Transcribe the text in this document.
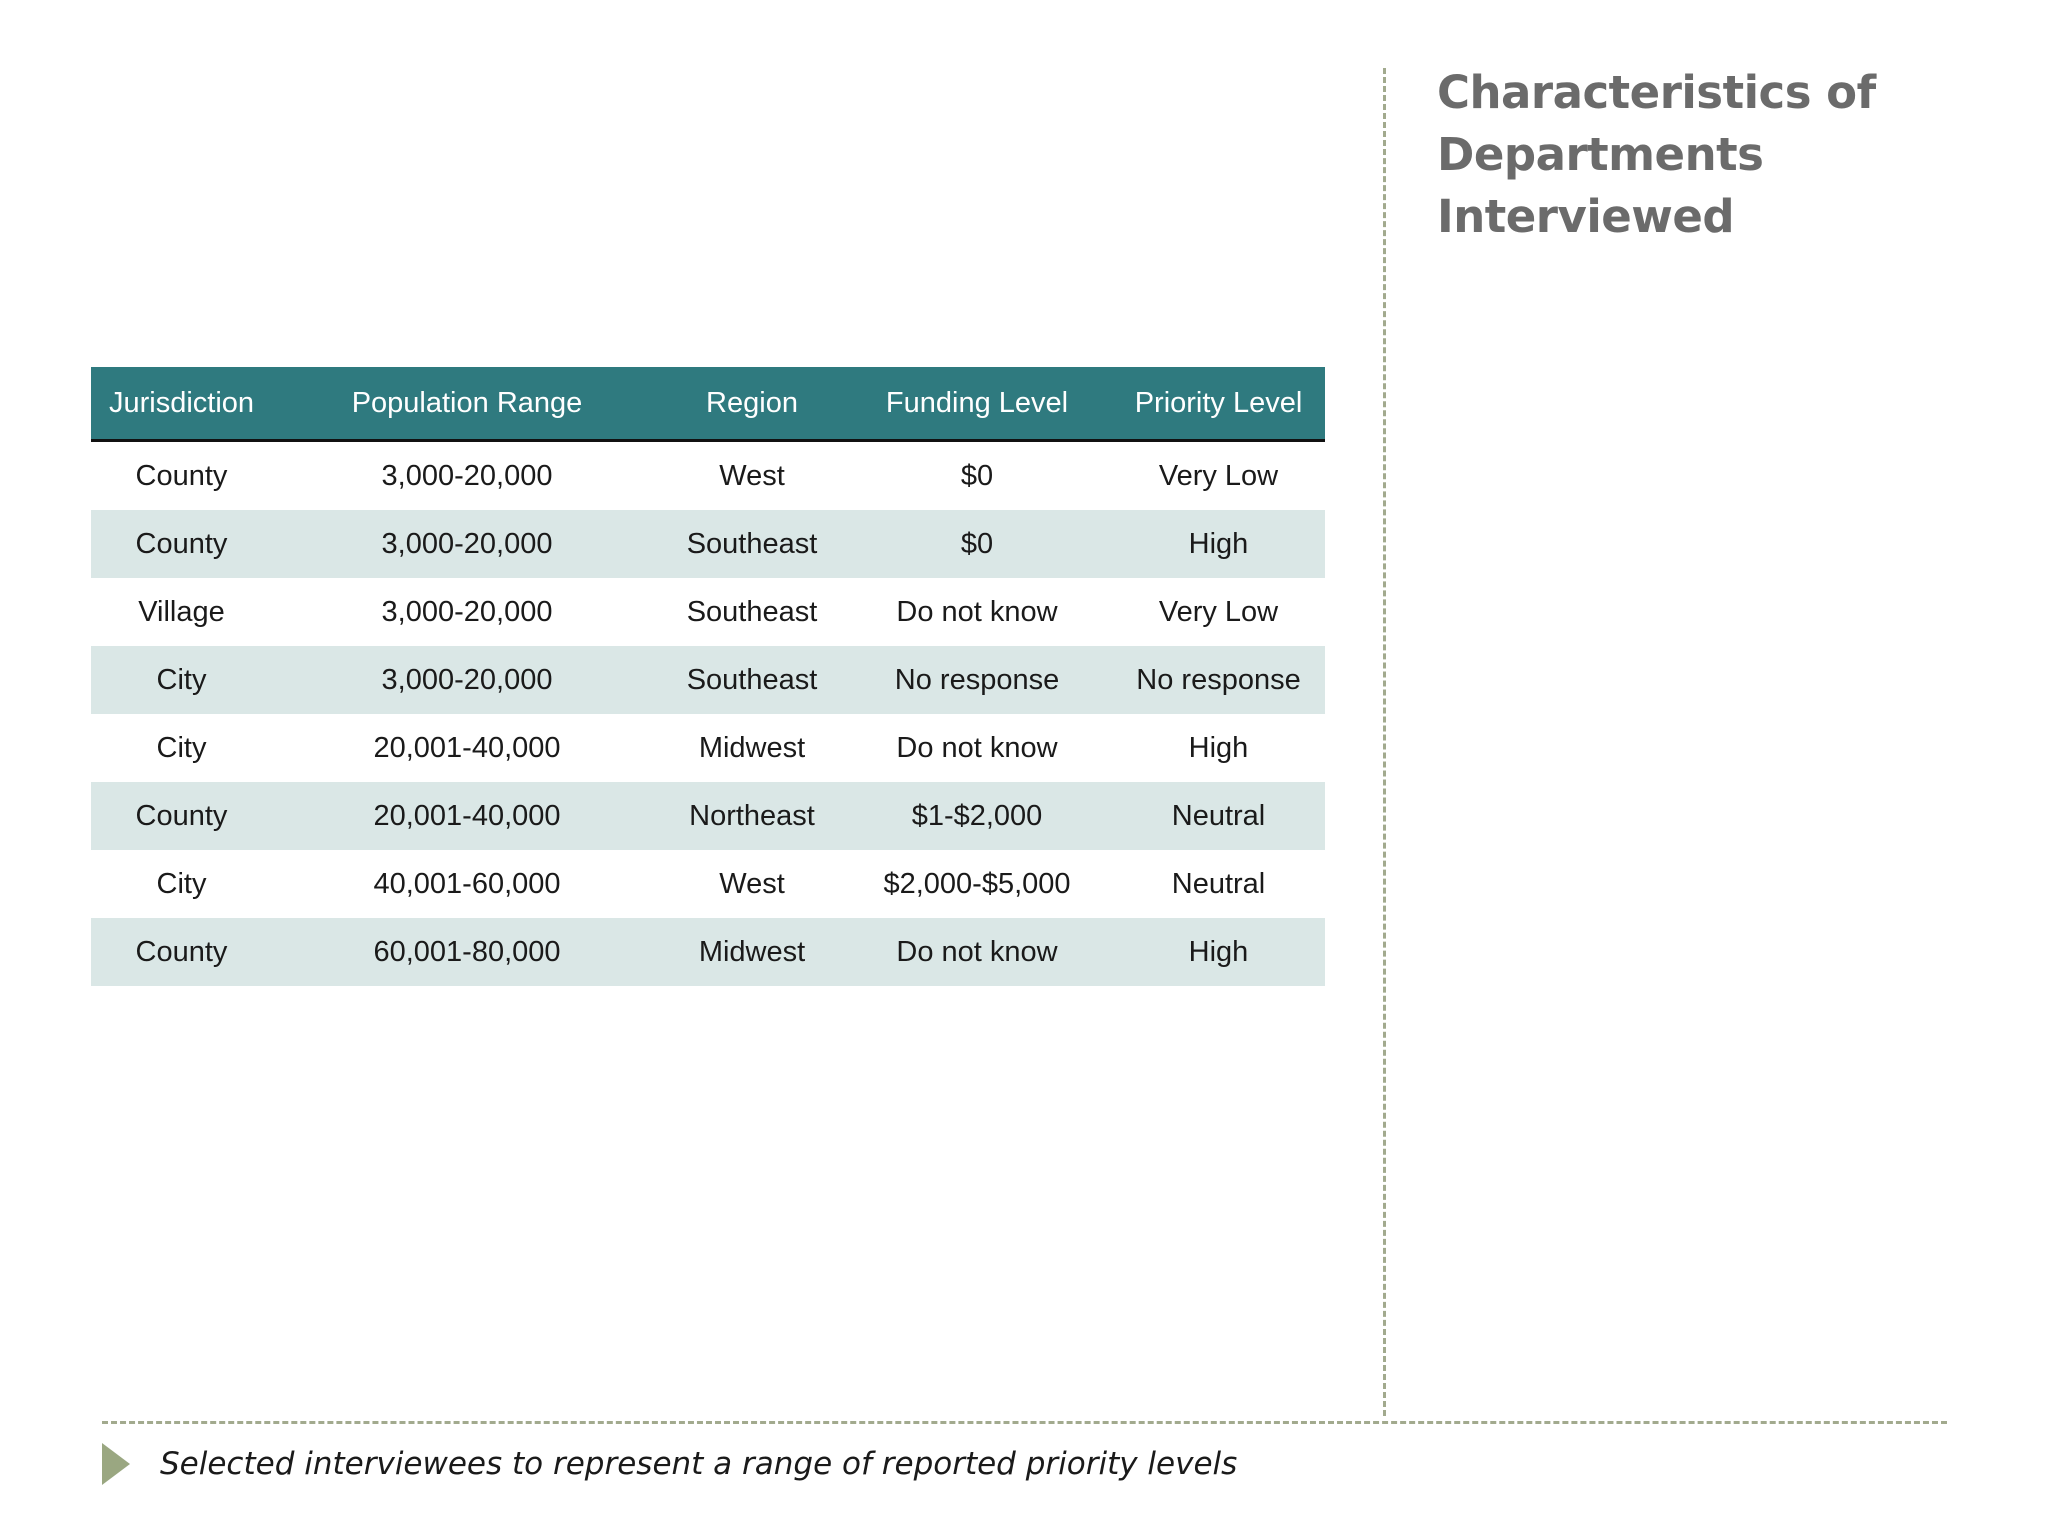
Characteristics of Departments Interviewed
Jurisdiction	Population Range	Region	Funding Level	Priority Level
County	3,000-20,000	West	$0	Very Low
County	3,000-20,000	Southeast	$0	High
Village	3,000-20,000	Southeast	Do not know	Very Low
City	3,000-20,000	Southeast	No response	No response
City	20,001-40,000	Midwest	Do not know	High
County	20,001-40,000	Northeast	$1-$2,000	Neutral
City	40,001-60,000	West	$2,000-$5,000	Neutral
County	60,001-80,000	Midwest	Do not know	High
Selected interviewees to represent a range of reported priority levels
